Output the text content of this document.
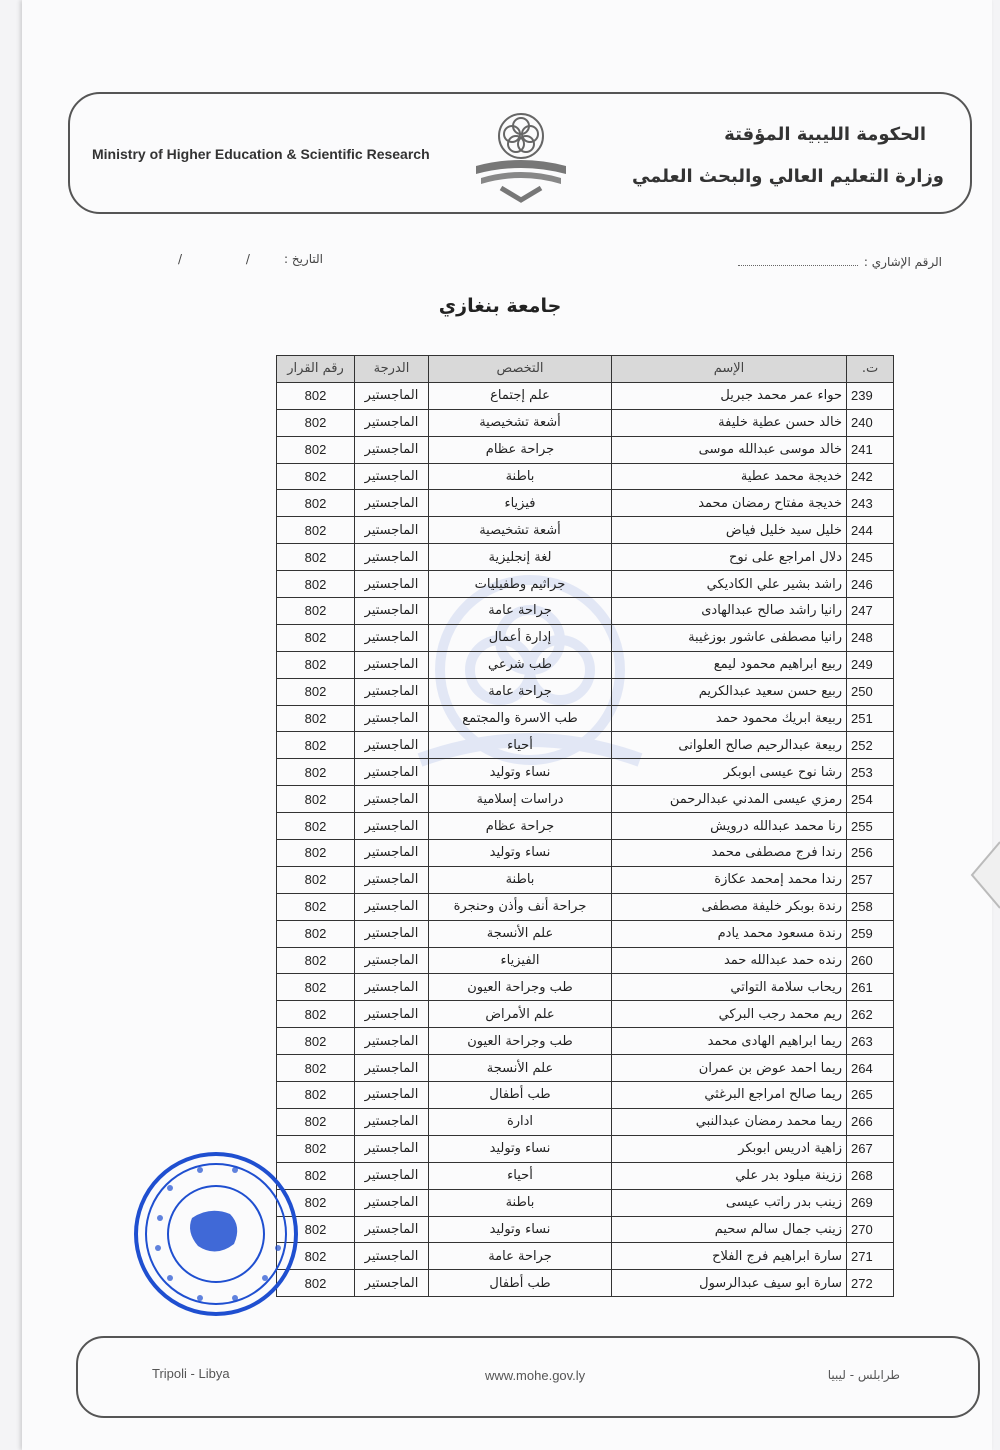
Ministry of Higher Education & Scientific Research
الحكومة الليبية المؤقتة
وزارة التعليم العالي والبحث العلمي
الرقم الإشاري :
التاريخ :
/ /
جامعة بنغازي
ت.	الإسم	التخصص	الدرجة	رقم القرار
239	حواء عمر محمد جبريل	علم إجتماع	الماجستير	802
240	خالد حسن عطية خليفة	أشعة تشخيصية	الماجستير	802
241	خالد موسى عبدالله موسى	جراحة عظام	الماجستير	802
242	خديجة محمد عطية	باطنة	الماجستير	802
243	خديجة مفتاح رمضان محمد	فيزياء	الماجستير	802
244	خليل سيد خليل فياض	أشعة تشخيصية	الماجستير	802
245	دلال امراجع على نوح	لغة إنجليزية	الماجستير	802
246	راشد بشير علي الكاديكي	جراثيم وطفيليات	الماجستير	802
247	رانيا راشد صالح عبدالهادى	جراحة عامة	الماجستير	802
248	رانيا مصطفى عاشور بوزغيبة	إدارة أعمال	الماجستير	802
249	ربيع ابراهيم محمود ليمع	طب شرعي	الماجستير	802
250	ربيع حسن سعيد عبدالكريم	جراحة عامة	الماجستير	802
251	ربيعة ابريك محمود حمد	طب الاسرة والمجتمع	الماجستير	802
252	ربيعة عبدالرحيم صالح العلوانى	أحياء	الماجستير	802
253	رشا نوح عيسى ابوبكر	نساء وتوليد	الماجستير	802
254	رمزي عيسى المدني عبدالرحمن	دراسات إسلامية	الماجستير	802
255	رنا محمد عبدالله درويش	جراحة عظام	الماجستير	802
256	رندا فرج مصطفى محمد	نساء وتوليد	الماجستير	802
257	رندا محمد إمحمد عكازة	باطنة	الماجستير	802
258	رندة بوبكر خليفة مصطفى	جراحة أنف وأذن وحنجرة	الماجستير	802
259	رندة مسعود محمد يادم	علم الأنسجة	الماجستير	802
260	رنده حمد عبدالله حمد	الفيزياء	الماجستير	802
261	ريحاب سلامة التواتي	طب وجراحة العيون	الماجستير	802
262	ريم محمد رجب البركي	علم الأمراض	الماجستير	802
263	ريما ابراهيم الهادى محمد	طب وجراحة العيون	الماجستير	802
264	ريما احمد عوض بن عمران	علم الأنسجة	الماجستير	802
265	ريما صالح امراجع البرغثي	طب أطفال	الماجستير	802
266	ريما محمد رمضان عبدالنبي	ادارة	الماجستير	802
267	زاهية ادريس ابوبكر	نساء وتوليد	الماجستير	802
268	ززينة ميلود بدر علي	أحياء	الماجستير	802
269	زينب بدر راتب عيسى	باطنة	الماجستير	802
270	زينب جمال سالم سحيم	نساء وتوليد	الماجستير	802
271	سارة ابراهيم فرج الفلاح	جراحة عامة	الماجستير	802
272	سارة ابو سيف عبدالرسول	طب أطفال	الماجستير	802
Tripoli - Libya	www.mohe.gov.ly	طرابلس - ليبيا
